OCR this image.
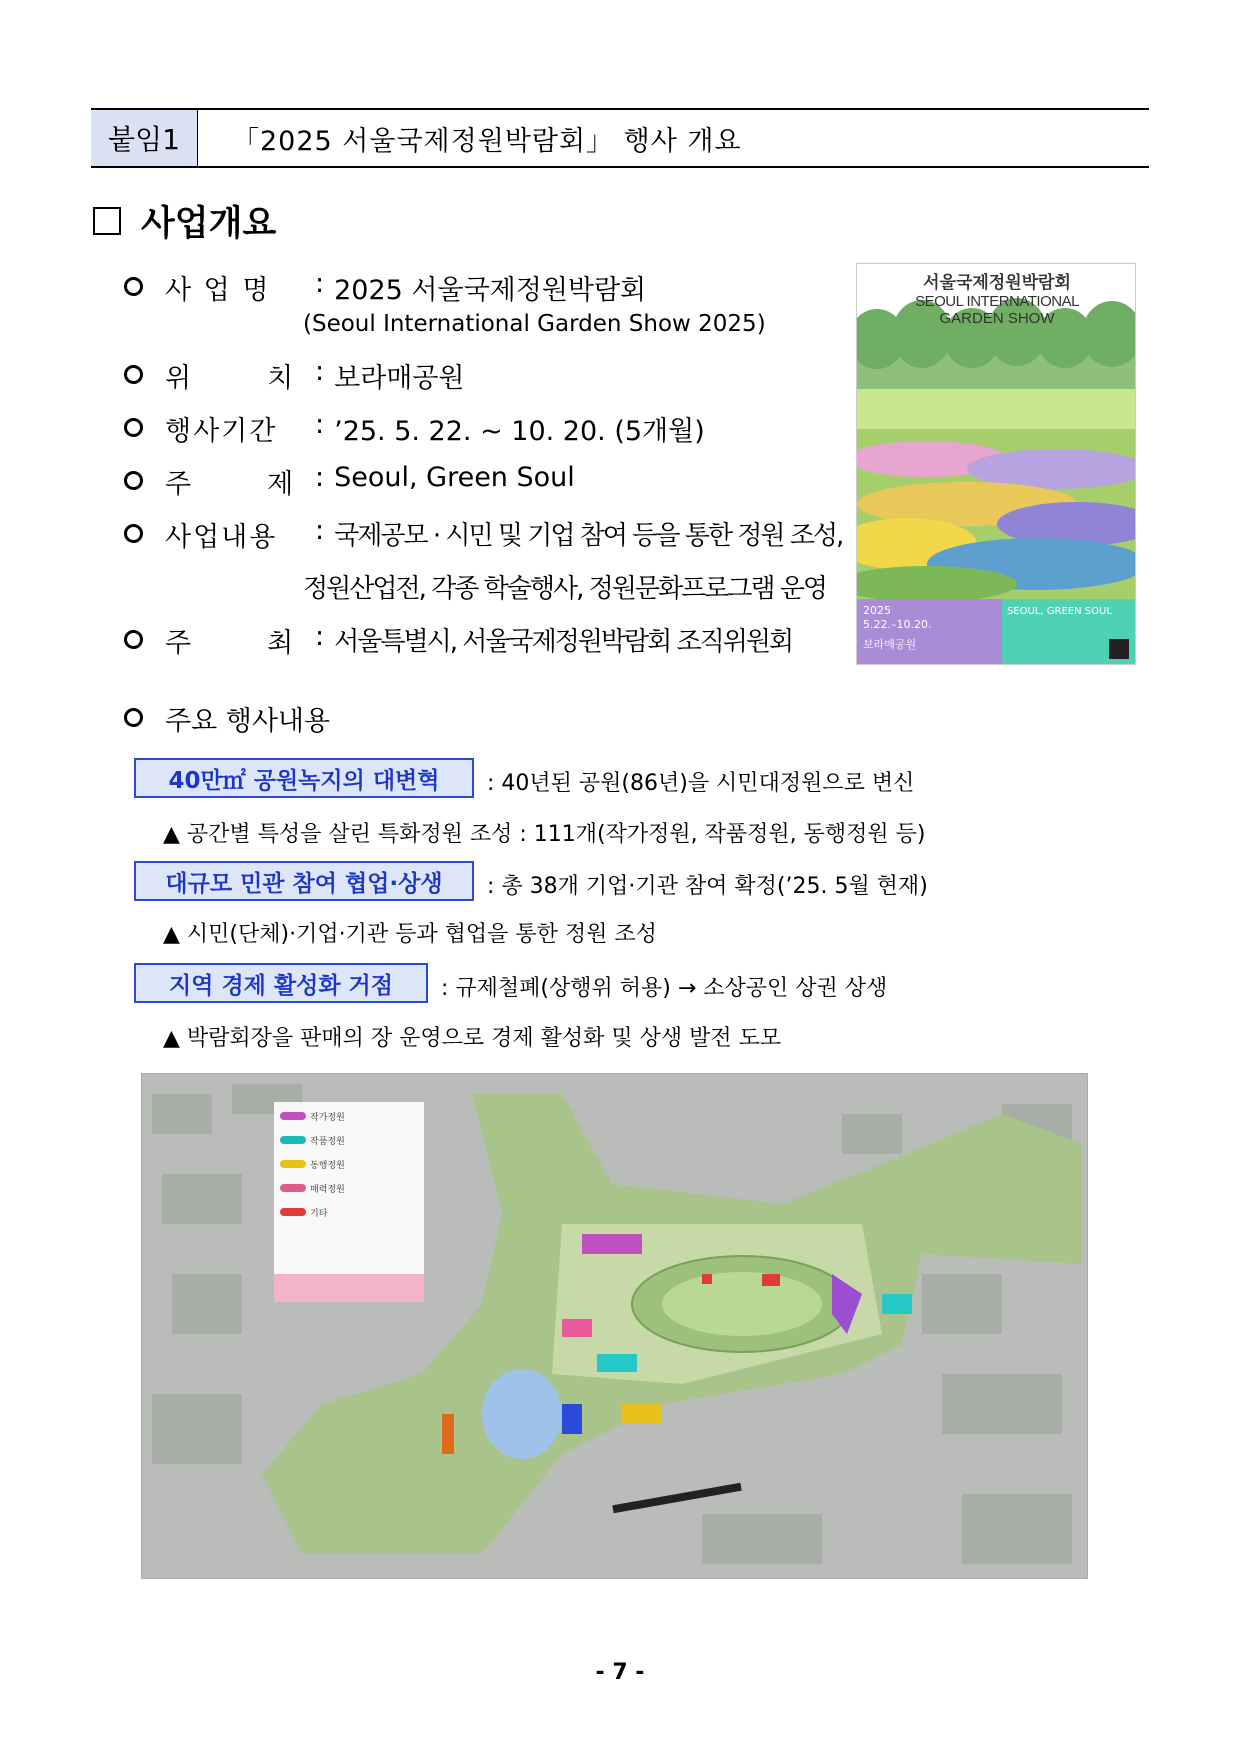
붙임1	「2025 서울국제정원박람회」 행사 개요
사업개요
사 업 명	: 2025 서울국제정원박람회
(Seoul International Garden Show 2025)
위       치 : 보라매공원
행사기간	: ’25. 5. 22. ~ 10. 20. (5개월)
주       제 : Seoul, Green Soul
사업내용	: 국제공모 · 시민 및 기업 참여 등을 통한 정원 조성,
정원산업전, 각종 학술행사, 정원문화프로그램 운영
주       최 : 서울특별시, 서울국제정원박람회 조직위원회
서울국제정원박람회
SEOUL INTERNATIONAL
GARDEN SHOW
2025
5.22.–10.20.
보라매공원
SEOUL, GREEN SOUL
주요 행사내용
40만㎡ 공원녹지의 대변혁	: 40년된 공원(86년)을 시민대정원으로 변신
▲ 공간별 특성을 살린 특화정원 조성 : 111개(작가정원, 작품정원, 동행정원 등)
대규모 민관 참여 협업·상생	: 총 38개 기업·기관 참여 확정(’25. 5월 현재)
▲ 시민(단체)·기업·기관 등과 협업을 통한 정원 조성
지역 경제 활성화 거점	: 규제철폐(상행위 허용) → 소상공인 상권 상생
▲ 박람회장을 판매의 장 운영으로 경제 활성화 및 상생 발전 도모
작가정원
작품정원
동행정원
매력정원
기타
- 7 -
